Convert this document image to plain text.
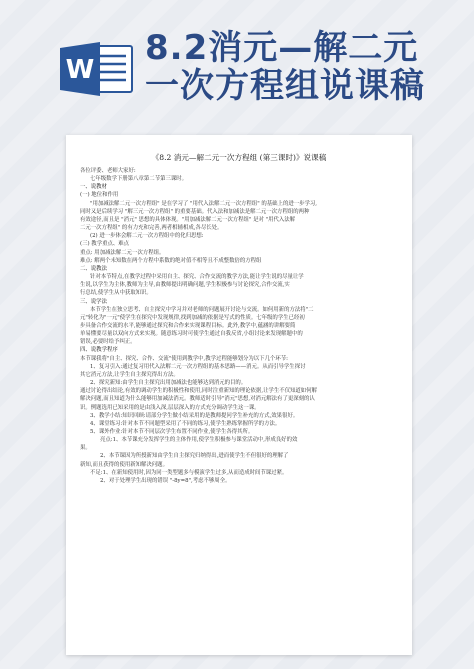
W
8.2消元—解二元
一次方程组说课稿
《8.2 消元—解二元一次方程组 (第三课时)》说课稿
各位评委、老师大家好:
七年级数学下册第八章第二节第三课时。
一、说教材
(一) 地位和作用
"用加减法解二元一次方程组" 是在学习了 "用代入法解二元一次方程组" 的基础上的进一步学习,
同时又是后续学习 "解三元一次方程组" 的重要基础。代入法和加减法是解二元一次方程组的两种
有效途径,而且是 "消元" 思想的具体体现。"用加减法解二元一次方程组" 是对 "用代入法解
二元一次方程组" 的有力充和完善,两者相辅相成,各尽长处。
(2) 进一步体会解二元一次方程组中的化归思想:
(三) 教学重点、难点
重点: 用加减法解二元一次方程组。
难点: 解两个未知数在两个方程中系数的绝对值不相等且不成整数倍的方程组
二、说教法
针对本节特点,在教学过程中采用自主、探究、合作交流的教学方法,能让学生说的尽量让学
生说,以学生为主体,教师为主导,由教师提出明确问题,学生积极参与讨论探究,合作交流,实
行总结,使学生从中获取知识。
三、说学法
本节学生在独立思考、自主探究中学习并对老师的问题展开讨论与交流。如何用新的方法将"二
元"转化为"一元"使学生在探究中发现规律,找到加减的依据是写式的性质。七年级的学生已经初
步具备合作交流的水平,能够通过探究和合作来实现课程目标。此外,教学中,蕴涵的讲解要简
单易懂要尽量以双向方式来实现。随意练习时可使学生通过自我反省,小组讨论来发现解题中的
错误,必要时给予纠正。
四、说教学程序
本节课我将"自主、探究、合作、交流"使用到教学中,教学过程能够划分为以下几个环节:
1、复习引入:通过复习用代入法解二元一次方程组的基本思路——消元。从而引导学生探讨
其它消元方法,让学生自主探究得出方法。
2、探究新知:由学生自主探究出用加减法也能够达到消元的目的。
通过讨论得出结论,有效的调动学生的积极性和使用,同时注重新知的理论依据,让学生不仅知道如何解
解决问题,而且知道为什么能够用加减法消元。教师适时引导"消元"思想,对消元解法有了更深刻的认
识。例题选用已知采用的是由浅入深,层层深入的方式充分调动学生这一课。
3、教学小结:知识回顾:请部分学生做小结采用的是教师提问学生补充的方式,效果很好。
4、课堂练习:针对本节不同题型采用了不同的练习,使学生熟练掌握所学的方法。
5、课外作业:针对本节不同层次学生布置不同作业,使学生各得其所。
亮点:1、本节课充分发挥学生的主体作用,使学生积极参与课堂活动中,形成良好的效
果。
2、本节课因为所授新知由学生自主探究归纳得出,进而使学生不但很好的理解了
新知,而且获得的使用新知解决问题。
不足:1、在新知使用时,因为同一类型题多与模演学生过多,从而造成时间节课过紧。
2、对于处理学生出现的错误 "-8y=8",考虑不够周全。
